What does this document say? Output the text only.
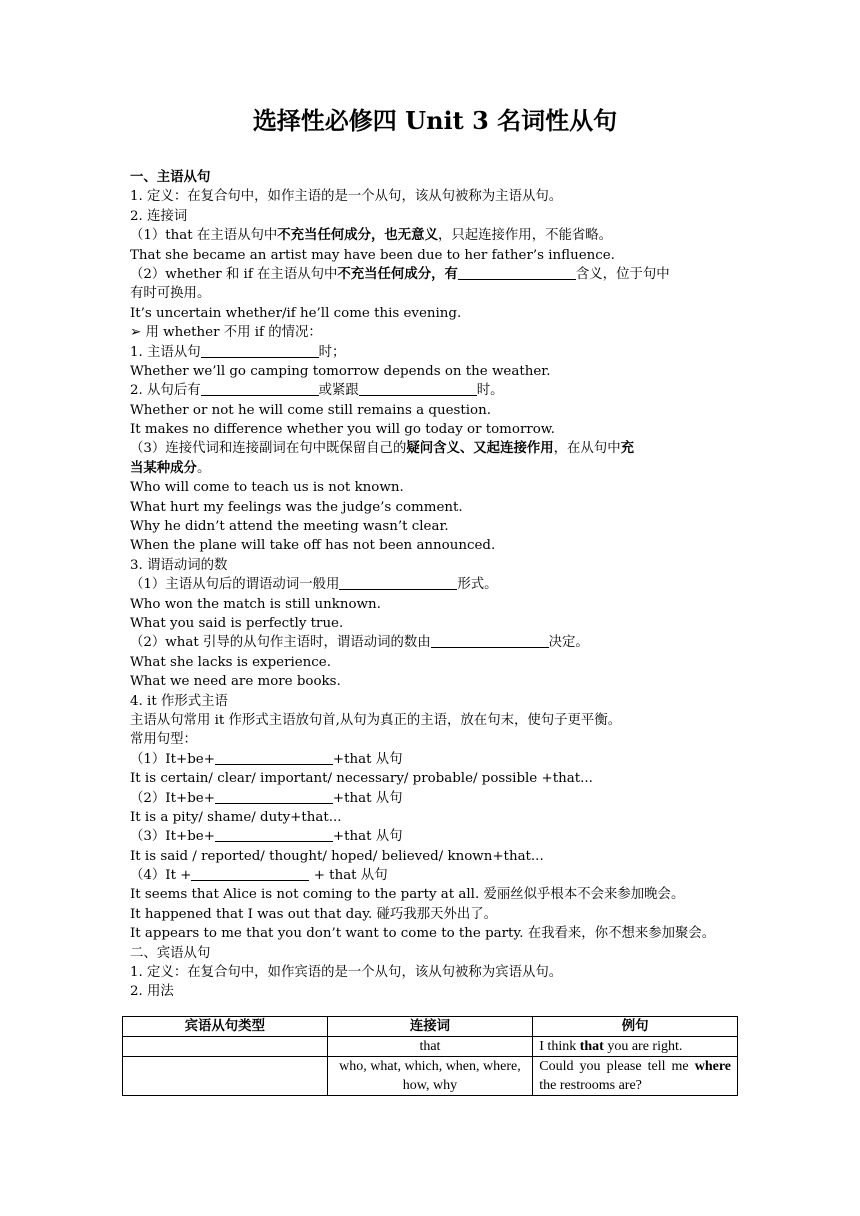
选择性必修四 Unit 3 名词性从句
一、主语从句
1. 定义：在复合句中，如作主语的是一个从句，该从句被称为主语从句。
2. 连接词
（1）that 在主语从句中不充当任何成分，也无意义，只起连接作用，不能省略。
That she became an artist may have been due to her father’s influence.
（2）whether 和 if 在主语从句中不充当任何成分，有	含义，位于句中
有时可换用。
It’s uncertain whether/if he’ll come this evening.
➢ 用 whether 不用 if 的情况：
1. 主语从句	时；
Whether we’ll go camping tomorrow depends on the weather.
2. 从句后有	或紧跟	时。
Whether or not he will come still remains a question.
It makes no difference whether you will go today or tomorrow.
（3）连接代词和连接副词在句中既保留自己的疑问含义、又起连接作用，在从句中充
当某种成分。
Who will come to teach us is not known.
What hurt my feelings was the judge’s comment.
Why he didn’t attend the meeting wasn’t clear.
When the plane will take off has not been announced.
3. 谓语动词的数
（1）主语从句后的谓语动词一般用	形式。
Who won the match is still unknown.
What you said is perfectly true.
（2）what 引导的从句作主语时，谓语动词的数由	决定。
What she lacks is experience.
What we need are more books.
4. it 作形式主语
主语从句常用 it 作形式主语放句首,从句为真正的主语，放在句末，使句子更平衡。
常用句型：
（1）It+be+	+that 从句
It is certain/ clear/ important/ necessary/ probable/ possible +that...
（2）It+be+	+that 从句
It is a pity/ shame/ duty+that...
（3）It+be+	+that 从句
It is said / reported/ thought/ hoped/ believed/ known+that...
（4）It +	+ that 从句
It seems that Alice is not coming to the party at all. 爱丽丝似乎根本不会来参加晚会。
It happened that I was out that day. 碰巧我那天外出了。
It appears to me that you don’t want to come to the party. 在我看来，你不想来参加聚会。
二、宾语从句
1. 定义：在复合句中，如作宾语的是一个从句，该从句被称为宾语从句。
2. 用法
宾语从句类型	连接词	例句
	that	I think that you are right.
	who, what, which, when, where, how, why	Could you please tell me where the restrooms are?
